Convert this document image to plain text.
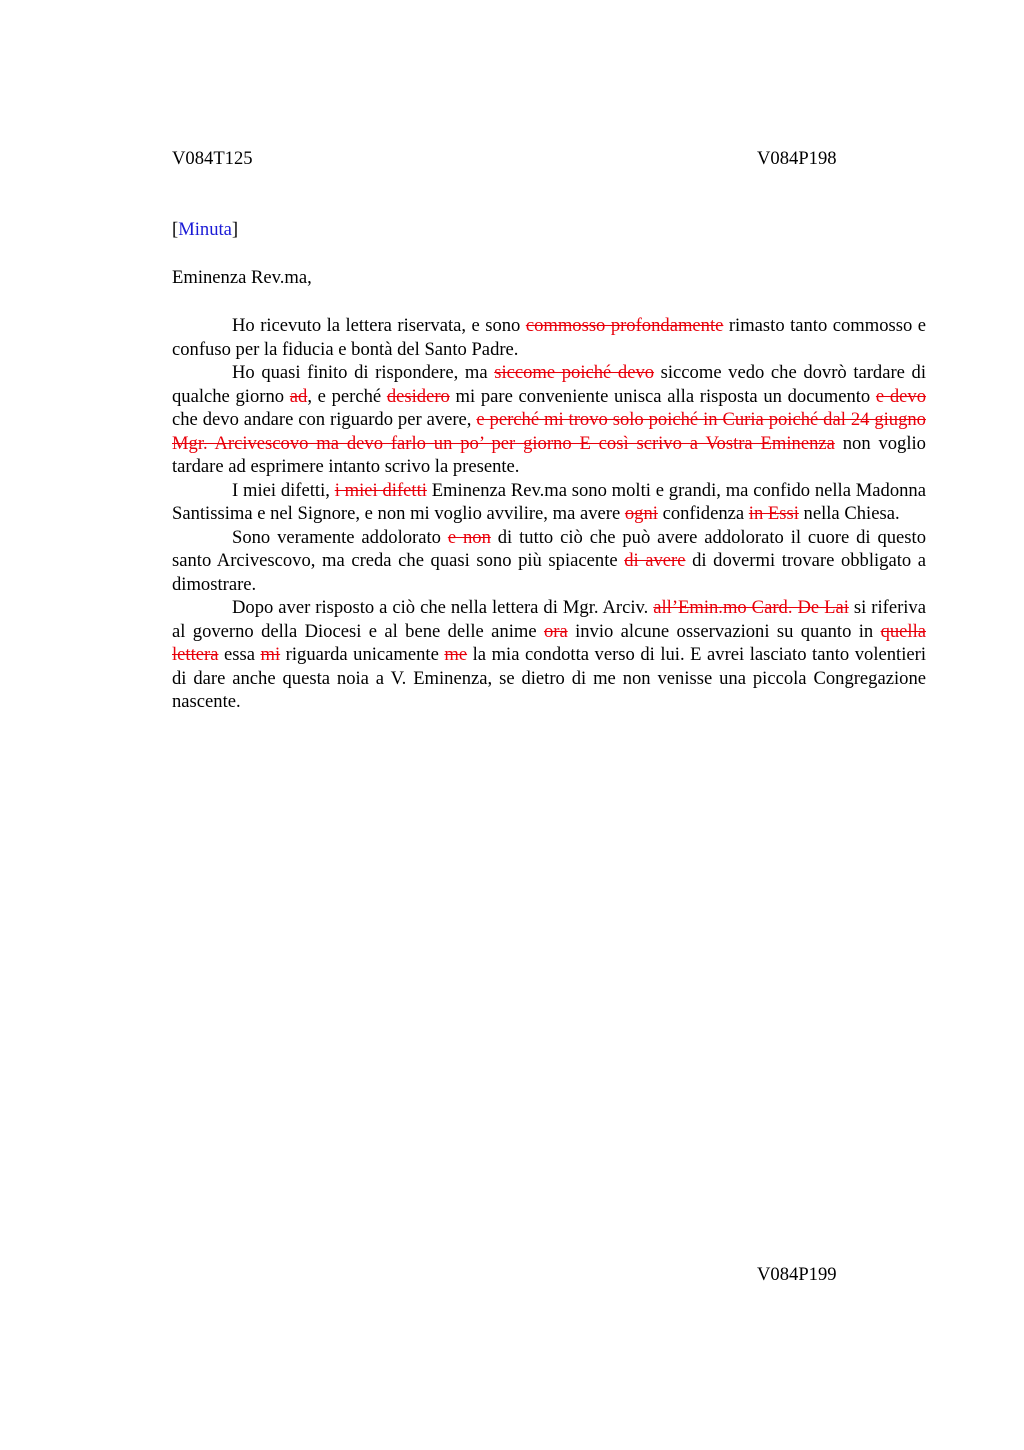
V084T125	V084P198
[Minuta]
Eminenza Rev.ma,

Ho ricevuto la lettera riservata, e sono commosso profondamente rimasto tanto commosso e confuso per la fiducia e bontà del Santo Padre.

Ho quasi finito di rispondere, ma siccome poiché devo siccome vedo che dovrò tardare di qualche giorno ad, e perché desidero mi pare conveniente unisca alla risposta un documento e devo che devo andare con riguardo per avere, e perché mi trovo solo poiché in Curia poiché dal 24 giugno Mgr. Arcivescovo ma devo farlo un po’ per giorno E così scrivo a Vostra Eminenza non voglio tardare ad esprimere intanto scrivo la presente.

I miei difetti, i miei difetti Eminenza Rev.ma sono molti e grandi, ma confido nella Madonna Santissima e nel Signore, e non mi voglio avvilire, ma avere ogni confidenza in Essi nella Chiesa.

Sono veramente addolorato e non di tutto ciò che può avere addolorato il cuore di questo santo Arcivescovo, ma creda che quasi sono più spiacente di avere di dovermi trovare obbligato a dimostrare.

Dopo aver risposto a ciò che nella lettera di Mgr. Arciv. all’Emin.mo Card. De Lai si riferiva al governo della Diocesi e al bene delle anime ora invio alcune osservazioni su quanto in quella lettera essa mi riguarda unicamente me la mia condotta verso di lui. E avrei lasciato tanto volentieri di dare anche questa noia a V. Eminenza, se dietro di me non venisse una piccola Congregazione nascente.

V084P199
